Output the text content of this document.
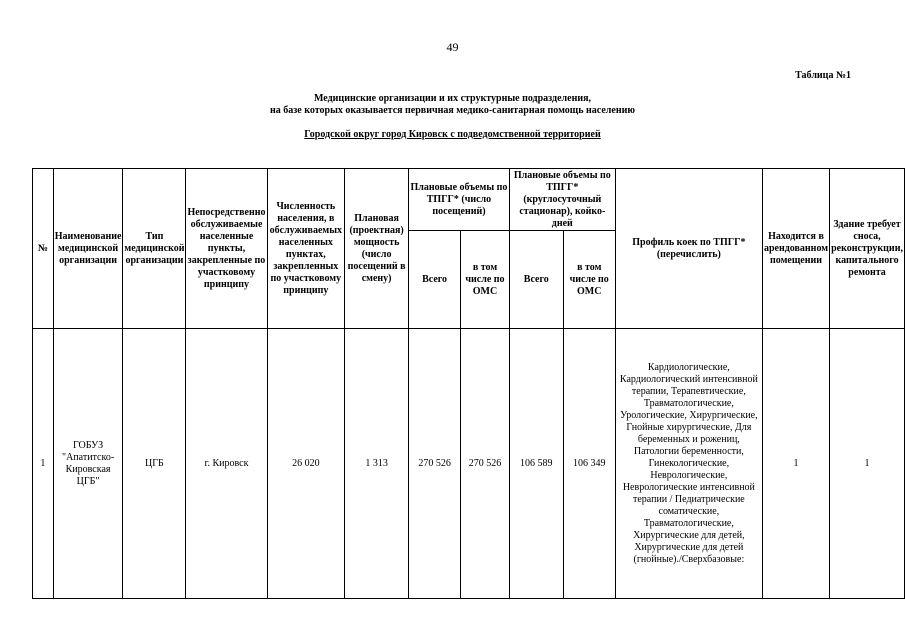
49
Таблица №1
Медицинские организации и их структурные подразделения,
на базе которых оказывается первичная медико-санитарная помощь населению
Городской округ город Кировск с подведомственной территорией
№	Наименование медицинской организации	Тип медицинской организации	Непосредственно обслуживаемые населенные пункты, закрепленные по участковому принципу	Численность населения, в обслуживаемых населенных пунктах, закрепленных по участковому принципу	Плановая (проектная) мощность (число посещений в смену)	Плановые объемы по ТПГГ* (число посещений)		Плановые объемы по ТПГГ* (круглосуточный стационар), койко-дней		Профиль коек по ТПГГ* (перечислить)	Находится в арендованном помещении	Здание требует сноса, реконструкции, капитального ремонта
						Всего	в том числе по ОМС	Всего	в том числе по ОМС			
1	ГОБУЗ "Апатитско-Кировская ЦГБ"	ЦГБ	г. Кировск	26 020	1 313	270 526	270 526	106 589	106 349	Кардиологические, Кардиологический интенсивной терапии, Терапевтические, Травматологические, Урологические, Хирургические, Гнойные хирургические, Для беременных и рожениц, Патологии беременности, Гинекологические, Неврологические, Неврологические интенсивной терапии / Педиатрические соматические, Травматологические, Хирургические для детей, Хирургические для детей (гнойные)./Сверхбазовые:	1	1
